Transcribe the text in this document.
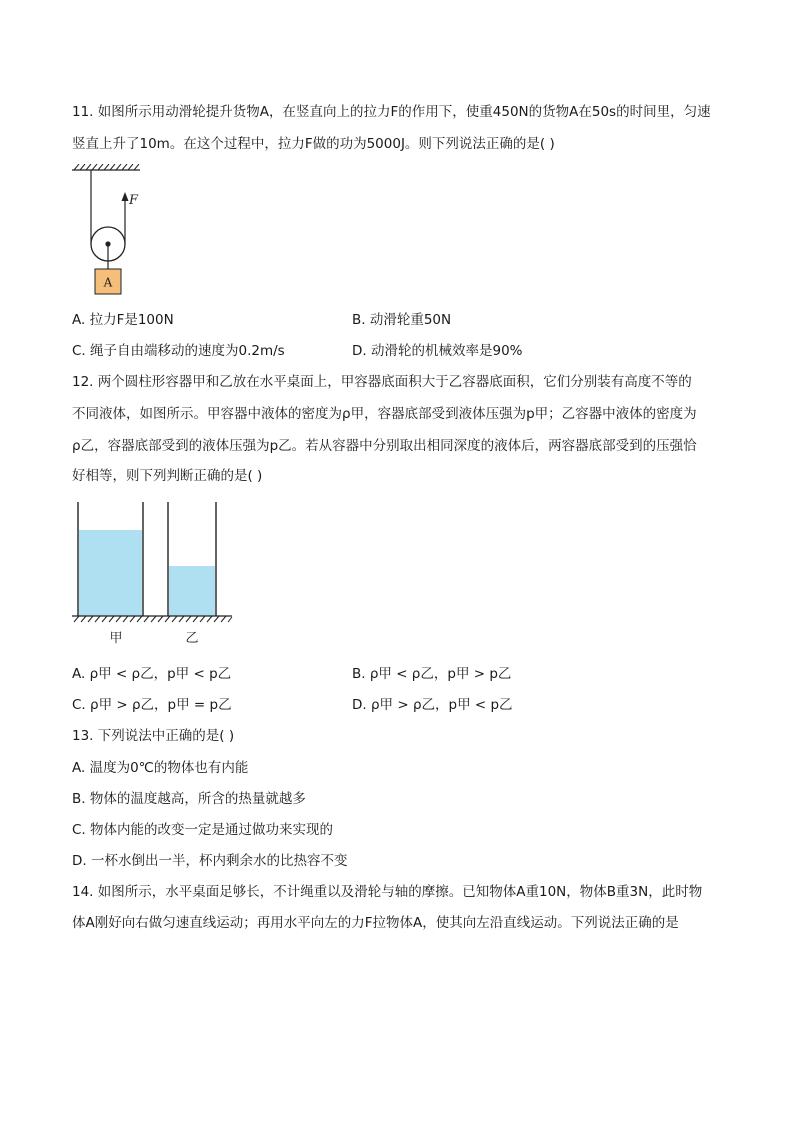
11. 如图所示用动滑轮提升货物A，在竖直向上的拉力F的作用下，使重450N的货物A在50s的时间里，匀速
竖直上升了10m。在这个过程中，拉力F做的功为5000J。则下列说法正确的是( )
F
A
A. 拉力F是100N	B. 动滑轮重50N
C. 绳子自由端移动的速度为0.2m/s	D. 动滑轮的机械效率是90%
12. 两个圆柱形容器甲和乙放在水平桌面上，甲容器底面积大于乙容器底面积，它们分别装有高度不等的
不同液体，如图所示。甲容器中液体的密度为ρ甲，容器底部受到液体压强为p甲；乙容器中液体的密度为
ρ乙，容器底部受到的液体压强为p乙。若从容器中分别取出相同深度的液体后，两容器底部受到的压强恰
好相等，则下列判断正确的是( )
甲	乙
A. ρ甲 < ρ乙，p甲 < p乙	B. ρ甲 < ρ乙，p甲 > p乙
C. ρ甲 > ρ乙，p甲 = p乙	D. ρ甲 > ρ乙，p甲 < p乙
13. 下列说法中正确的是( )
A. 温度为0℃的物体也有内能
B. 物体的温度越高，所含的热量就越多
C. 物体内能的改变一定是通过做功来实现的
D. 一杯水倒出一半，杯内剩余水的比热容不变
14. 如图所示，水平桌面足够长，不计绳重以及滑轮与轴的摩擦。已知物体A重10N，物体B重3N，此时物
体A刚好向右做匀速直线运动；再用水平向左的力F拉物体A，使其向左沿直线运动。下列说法正确的是
